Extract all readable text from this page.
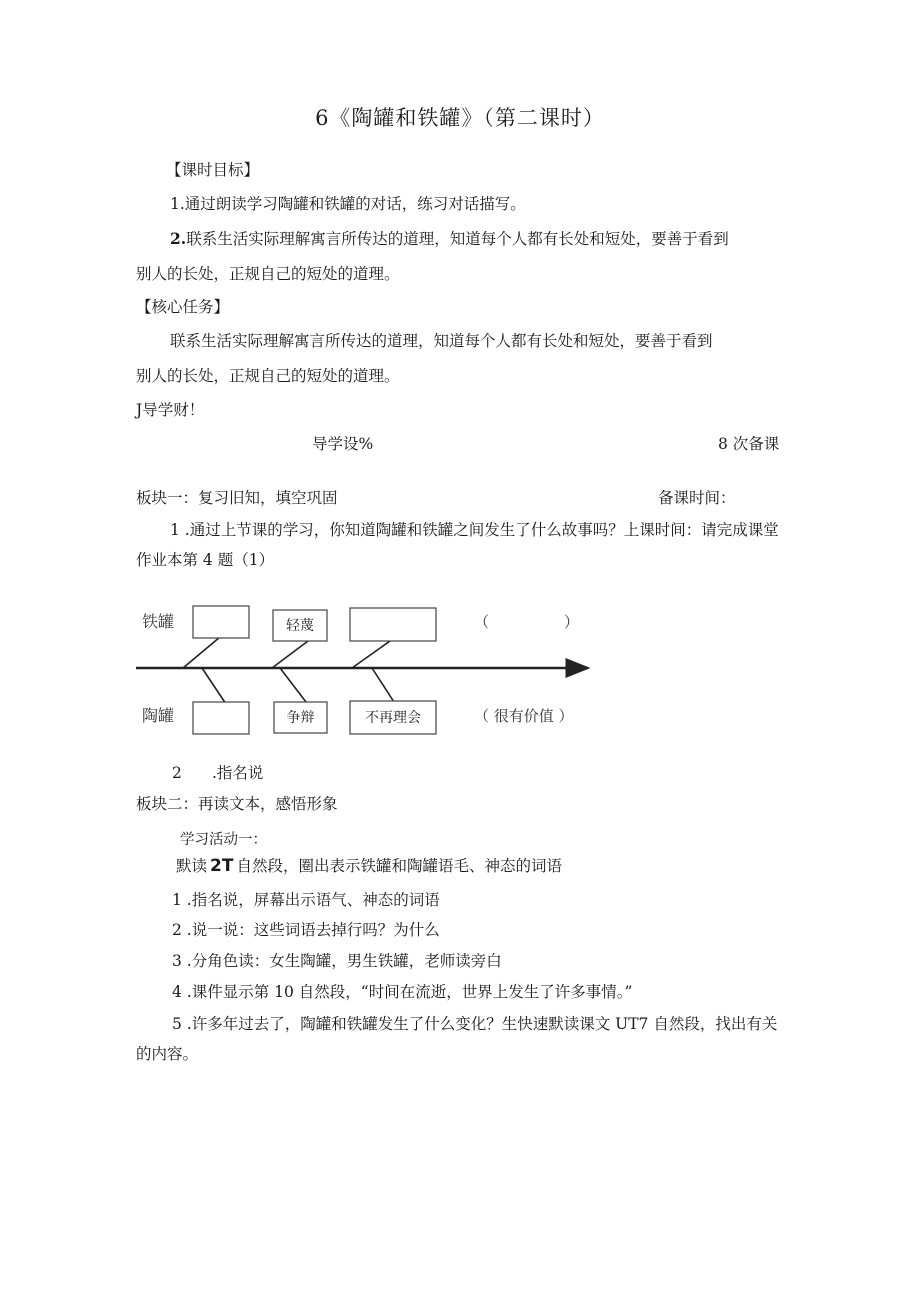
6《陶罐和铁罐》（第二课时）
【课时目标】
1.通过朗读学习陶罐和铁罐的对话，练习对话描写。
2.联系生活实际理解寓言所传达的道理，知道每个人都有长处和短处，要善于看到
别人的长处，正规自己的短处的道理。
【核心任务】
联系生活实际理解寓言所传达的道理，知道每个人都有长处和短处，要善于看到
别人的长处，正规自己的短处的道理。
J导学财！
导学设%	8 次备课
板块一：复习旧知，填空巩固	备课时间：
1 .通过上节课的学习，你知道陶罐和铁罐之间发生了什么故事吗？上课时间：请完成课堂
作业本第 4 题（1）
铁罐
陶罐
轻蔑
争辩	不再理会
（　　　　　）
（ 很有价值 ）
2 .指名说
板块二：再读文本，感悟形象
学习活动一：
默读 2T 自然段，圈出表示铁罐和陶罐语毛、神态的词语
1 .指名说，屏幕出示语气、神态的词语
2 .说一说：这些词语去掉行吗？为什么
3 .分角色读：女生陶罐，男生铁罐，老师读旁白
4 .课件显示第 10 自然段，“时间在流逝，世界上发生了许多事情。”
5 .许多年过去了，陶罐和铁罐发生了什么变化？生快速默读课文 UT7 自然段，找出有关
的内容。
